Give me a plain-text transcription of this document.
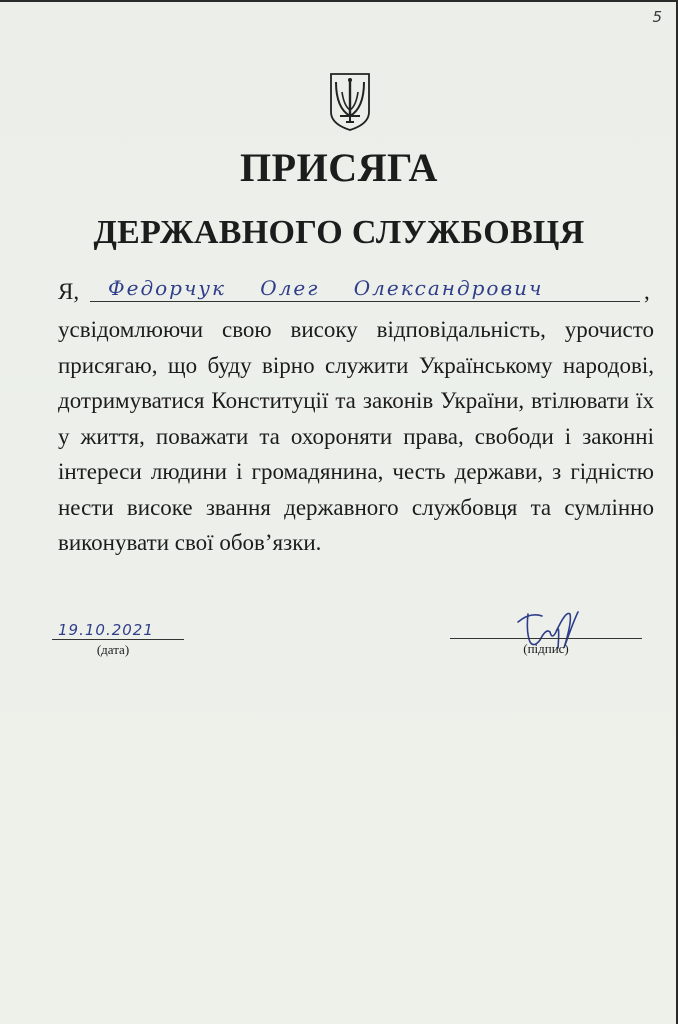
5
ПРИСЯГА
ДЕРЖАВНОГО СЛУЖБОВЦЯ
Я, Федорчук Олег Олександрович	,

усвідомлюючи свою високу відповідальність, урочисто присягаю, що буду вірно служити Українському народові, дотримуватися Конституції та законів України, втілювати їх у життя, поважати та охороняти права, свободи і законні інтереси людини і громадянина, честь держави, з гідністю нести високе звання державного службовця та сумлінно виконувати свої обов’язки.

19.10.2021
(дата)	(підпис)
